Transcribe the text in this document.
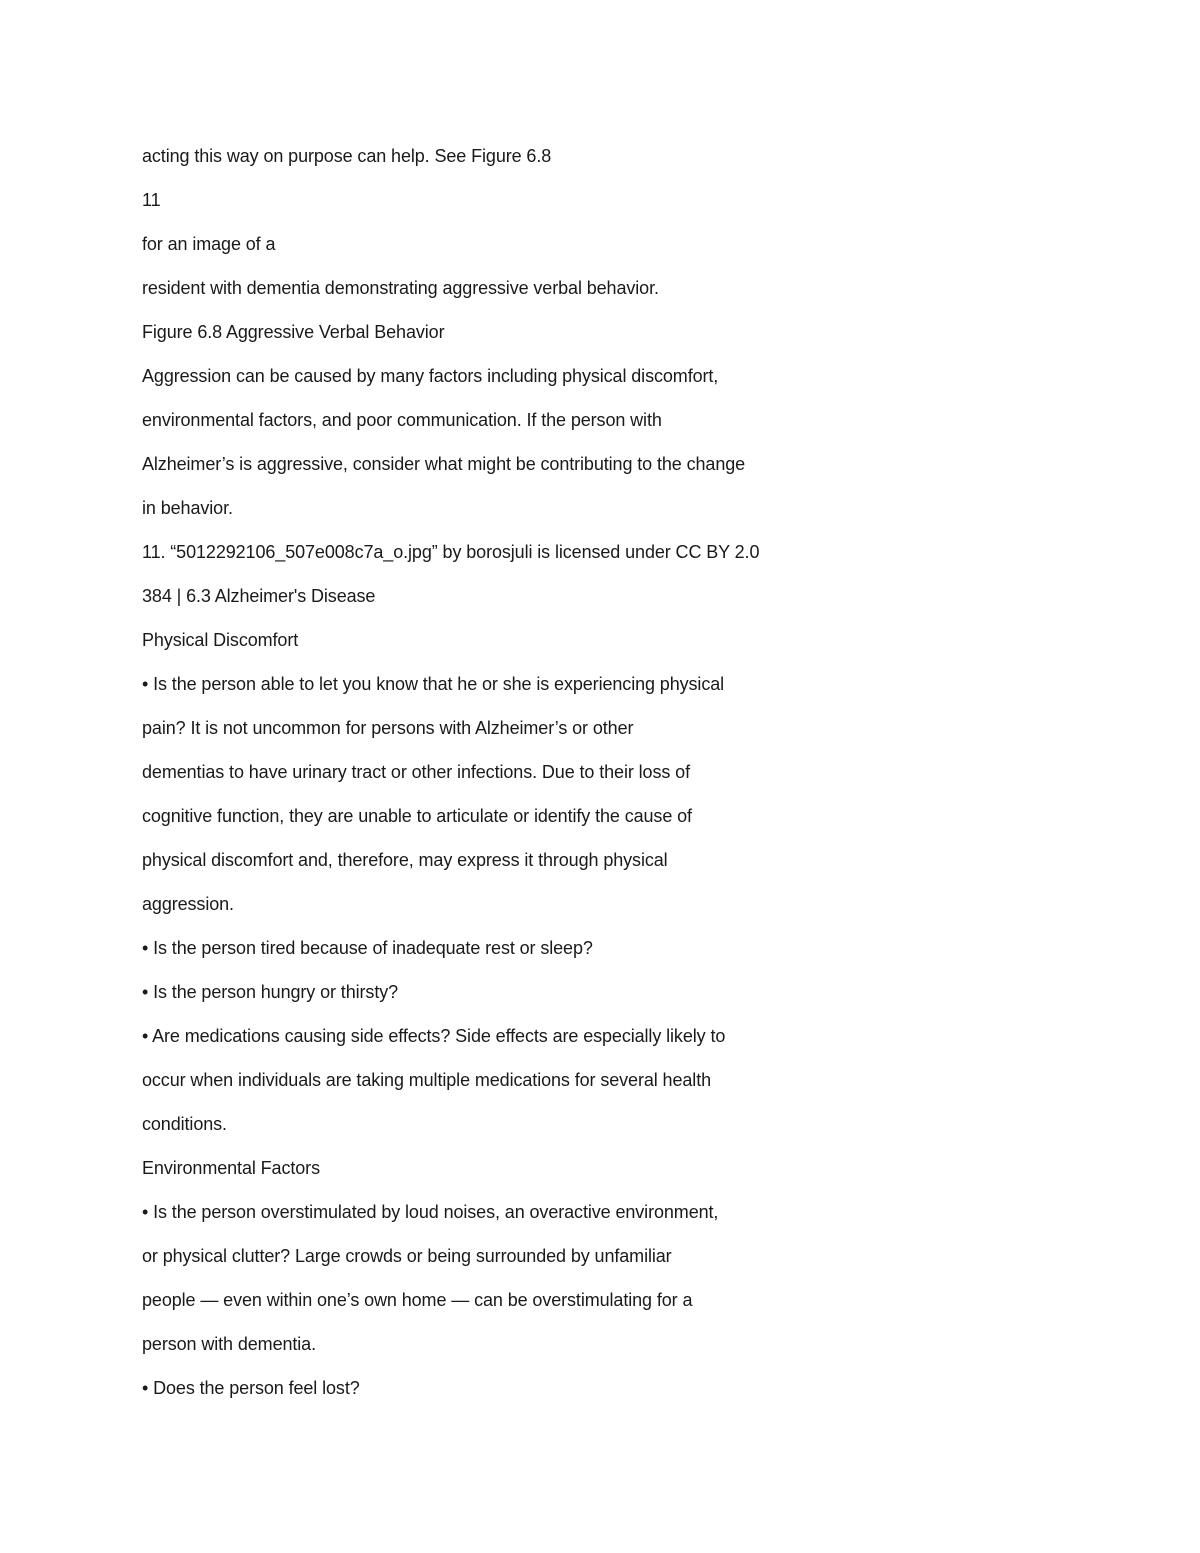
acting this way on purpose can help. See Figure 6.8
11
for an image of a
resident with dementia demonstrating aggressive verbal behavior.
Figure 6.8 Aggressive Verbal Behavior
Aggression can be caused by many factors including physical discomfort,
environmental factors, and poor communication. If the person with
Alzheimer’s is aggressive, consider what might be contributing to the change
in behavior.
11. “5012292106_507e008c7a_o.jpg” by borosjuli is licensed under CC BY 2.0
384 | 6.3 Alzheimer's Disease
Physical Discomfort
• Is the person able to let you know that he or she is experiencing physical
pain? It is not uncommon for persons with Alzheimer’s or other
dementias to have urinary tract or other infections. Due to their loss of
cognitive function, they are unable to articulate or identify the cause of
physical discomfort and, therefore, may express it through physical
aggression.
• Is the person tired because of inadequate rest or sleep?
• Is the person hungry or thirsty?
• Are medications causing side effects? Side effects are especially likely to
occur when individuals are taking multiple medications for several health
conditions.
Environmental Factors
• Is the person overstimulated by loud noises, an overactive environment,
or physical clutter? Large crowds or being surrounded by unfamiliar
people — even within one’s own home — can be overstimulating for a
person with dementia.
• Does the person feel lost?
